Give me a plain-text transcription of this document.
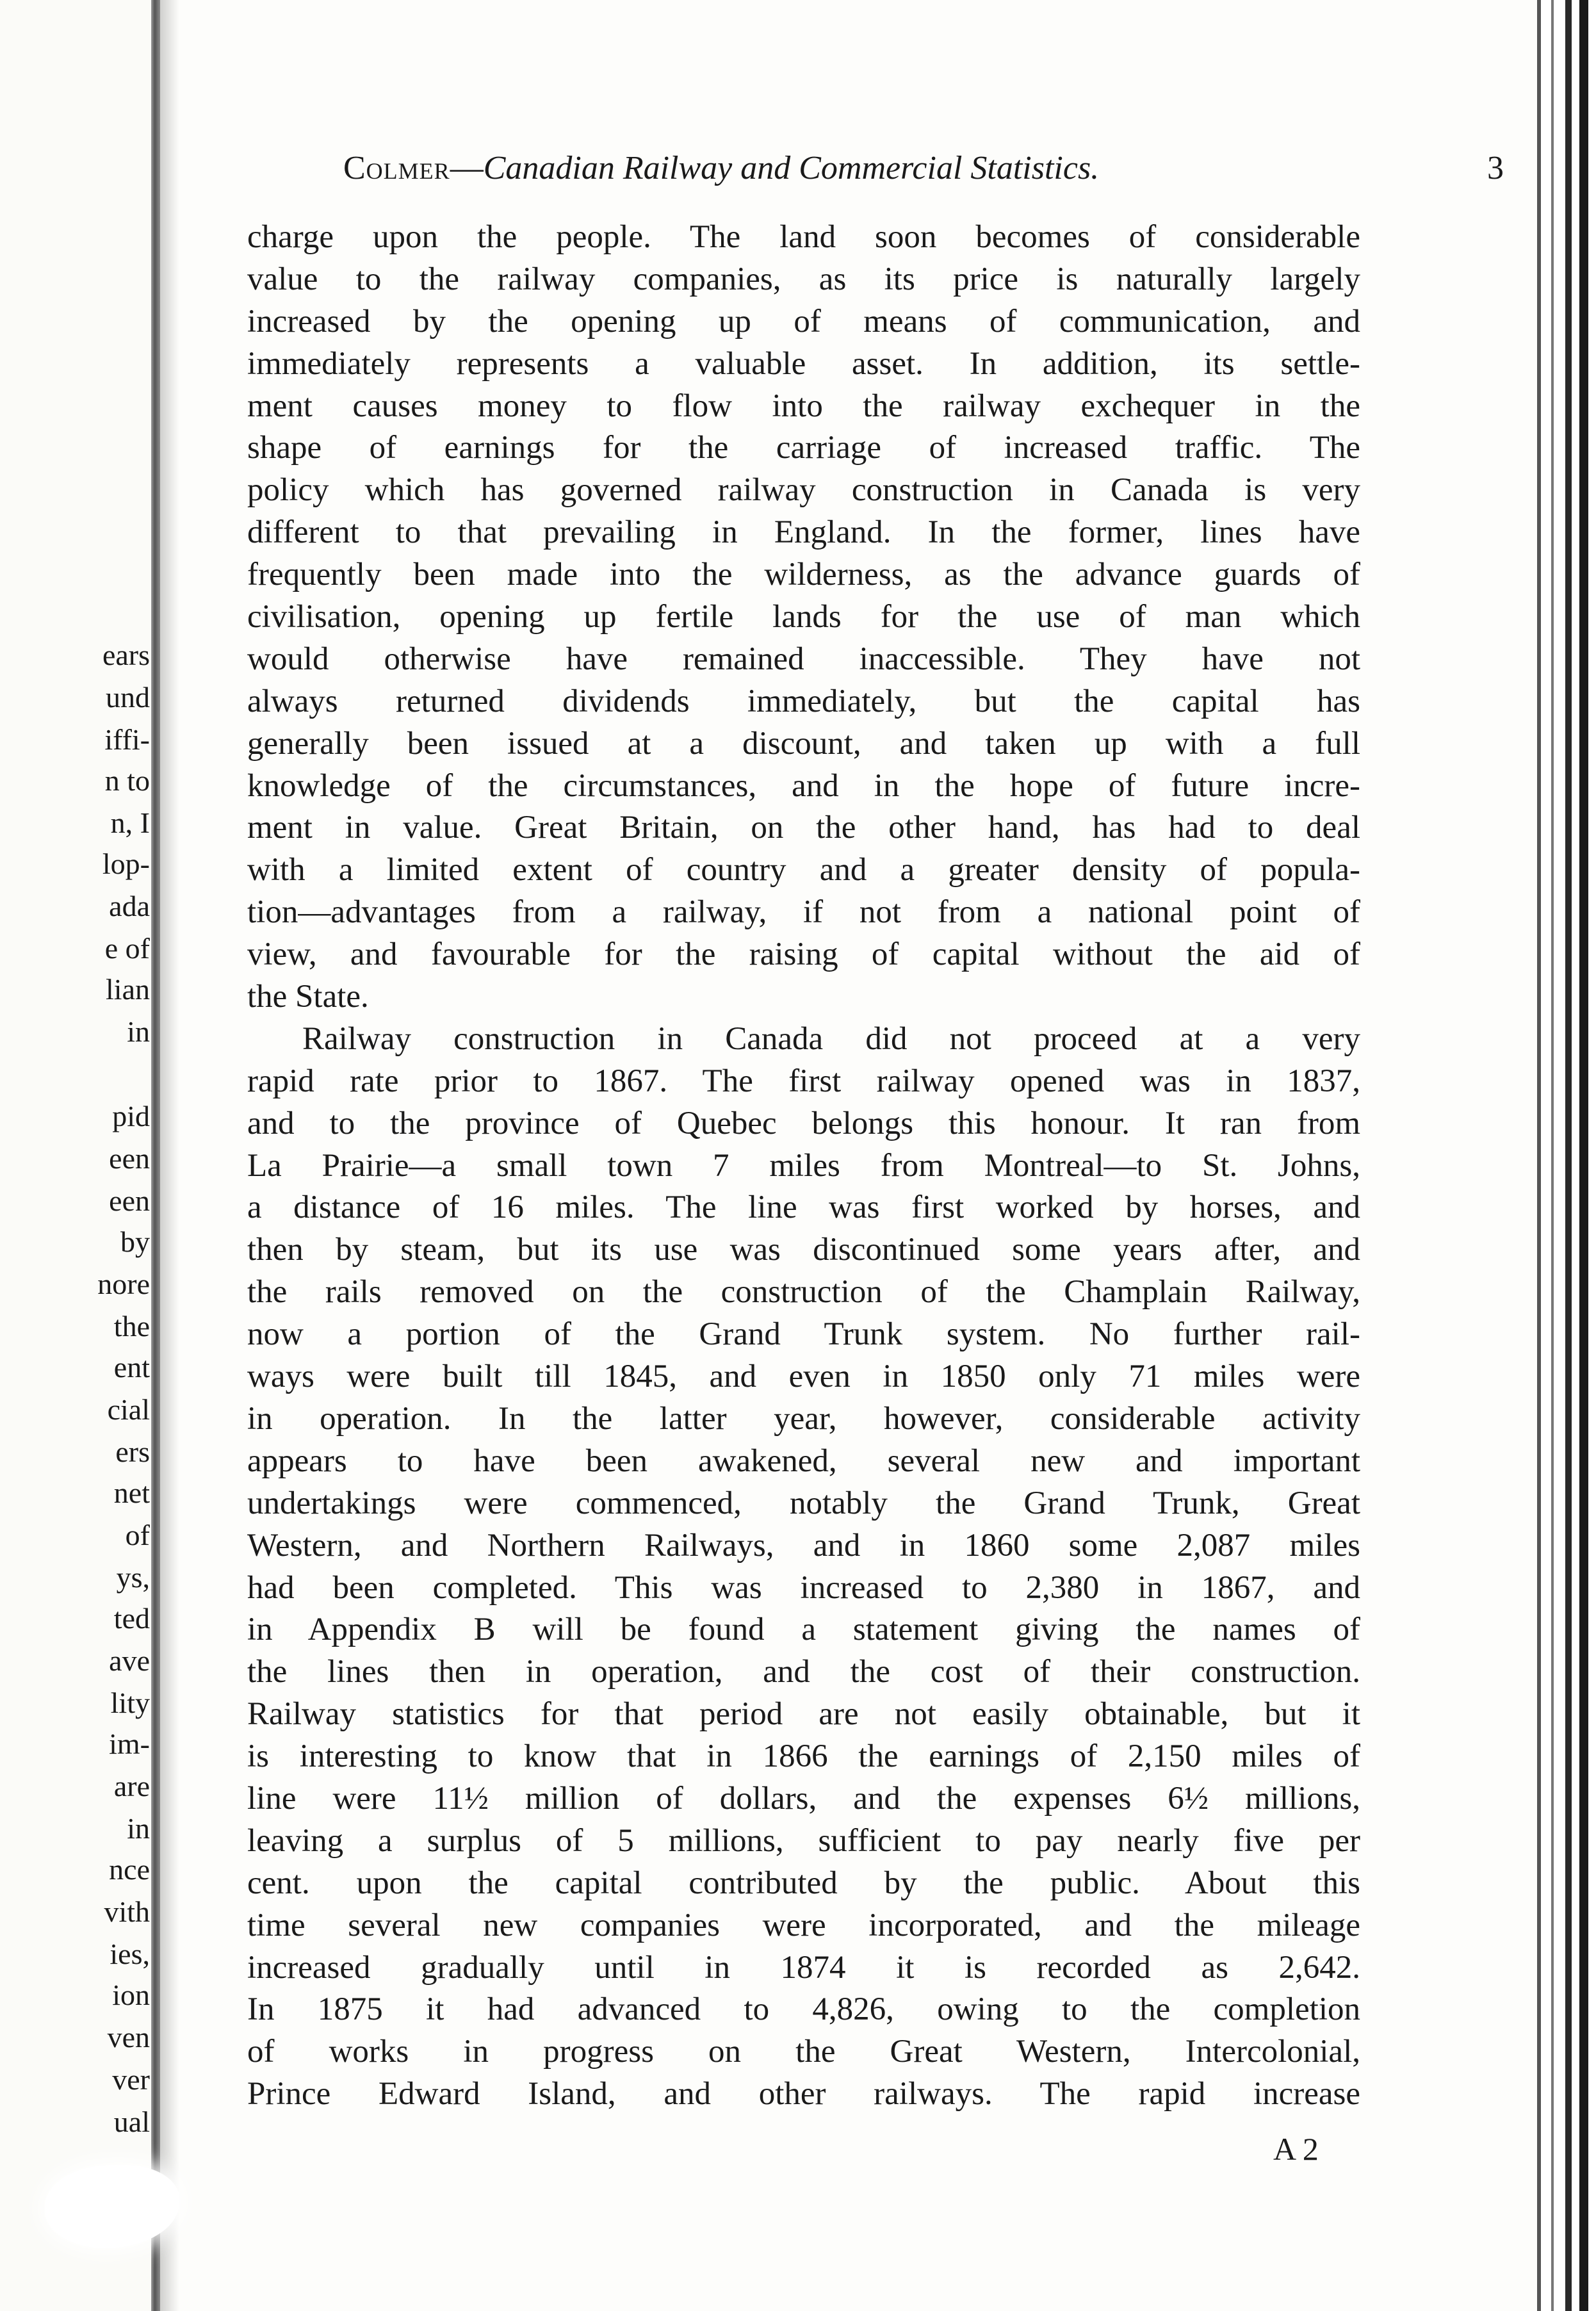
ears
und
iffi-
n to
n, I
lop-
ada
e of
lian
in
pid
een
een
by
nore
the
ent
cial
ers
net
of
ys,
ted
ave
lity
im-
are
in
nce
vith
ies,
ion
ven
ver
ual
Colmer—Canadian Railway and Commercial Statistics.	3
charge upon the people. The land soon becomes of considerable
value to the railway companies, as its price is naturally largely
increased by the opening up of means of communication, and
immediately represents a valuable asset. In addition, its settle-
ment causes money to flow into the railway exchequer in the
shape of earnings for the carriage of increased traffic. The
policy which has governed railway construction in Canada is very
different to that prevailing in England. In the former, lines have
frequently been made into the wilderness, as the advance guards of
civilisation, opening up fertile lands for the use of man which
would otherwise have remained inaccessible. They have not
always returned dividends immediately, but the capital has
generally been issued at a discount, and taken up with a full
knowledge of the circumstances, and in the hope of future incre-
ment in value. Great Britain, on the other hand, has had to deal
with a limited extent of country and a greater density of popula-
tion—advantages from a railway, if not from a national point of
view, and favourable for the raising of capital without the aid of
the State.
Railway construction in Canada did not proceed at a very
rapid rate prior to 1867. The first railway opened was in 1837,
and to the province of Quebec belongs this honour. It ran from
La Prairie—a small town 7 miles from Montreal—to St. Johns,
a distance of 16 miles. The line was first worked by horses, and
then by steam, but its use was discontinued some years after, and
the rails removed on the construction of the Champlain Railway,
now a portion of the Grand Trunk system. No further rail-
ways were built till 1845, and even in 1850 only 71 miles were
in operation. In the latter year, however, considerable activity
appears to have been awakened, several new and important
undertakings were commenced, notably the Grand Trunk, Great
Western, and Northern Railways, and in 1860 some 2,087 miles
had been completed. This was increased to 2,380 in 1867, and
in Appendix B will be found a statement giving the names of
the lines then in operation, and the cost of their construction.
Railway statistics for that period are not easily obtainable, but it
is interesting to know that in 1866 the earnings of 2,150 miles of
line were 11½ million of dollars, and the expenses 6½ millions,
leaving a surplus of 5 millions, sufficient to pay nearly five per
cent. upon the capital contributed by the public. About this
time several new companies were incorporated, and the mileage
increased gradually until in 1874 it is recorded as 2,642.
In 1875 it had advanced to 4,826, owing to the completion
of works in progress on the Great Western, Intercolonial,
Prince Edward Island, and other railways. The rapid increase
A 2
